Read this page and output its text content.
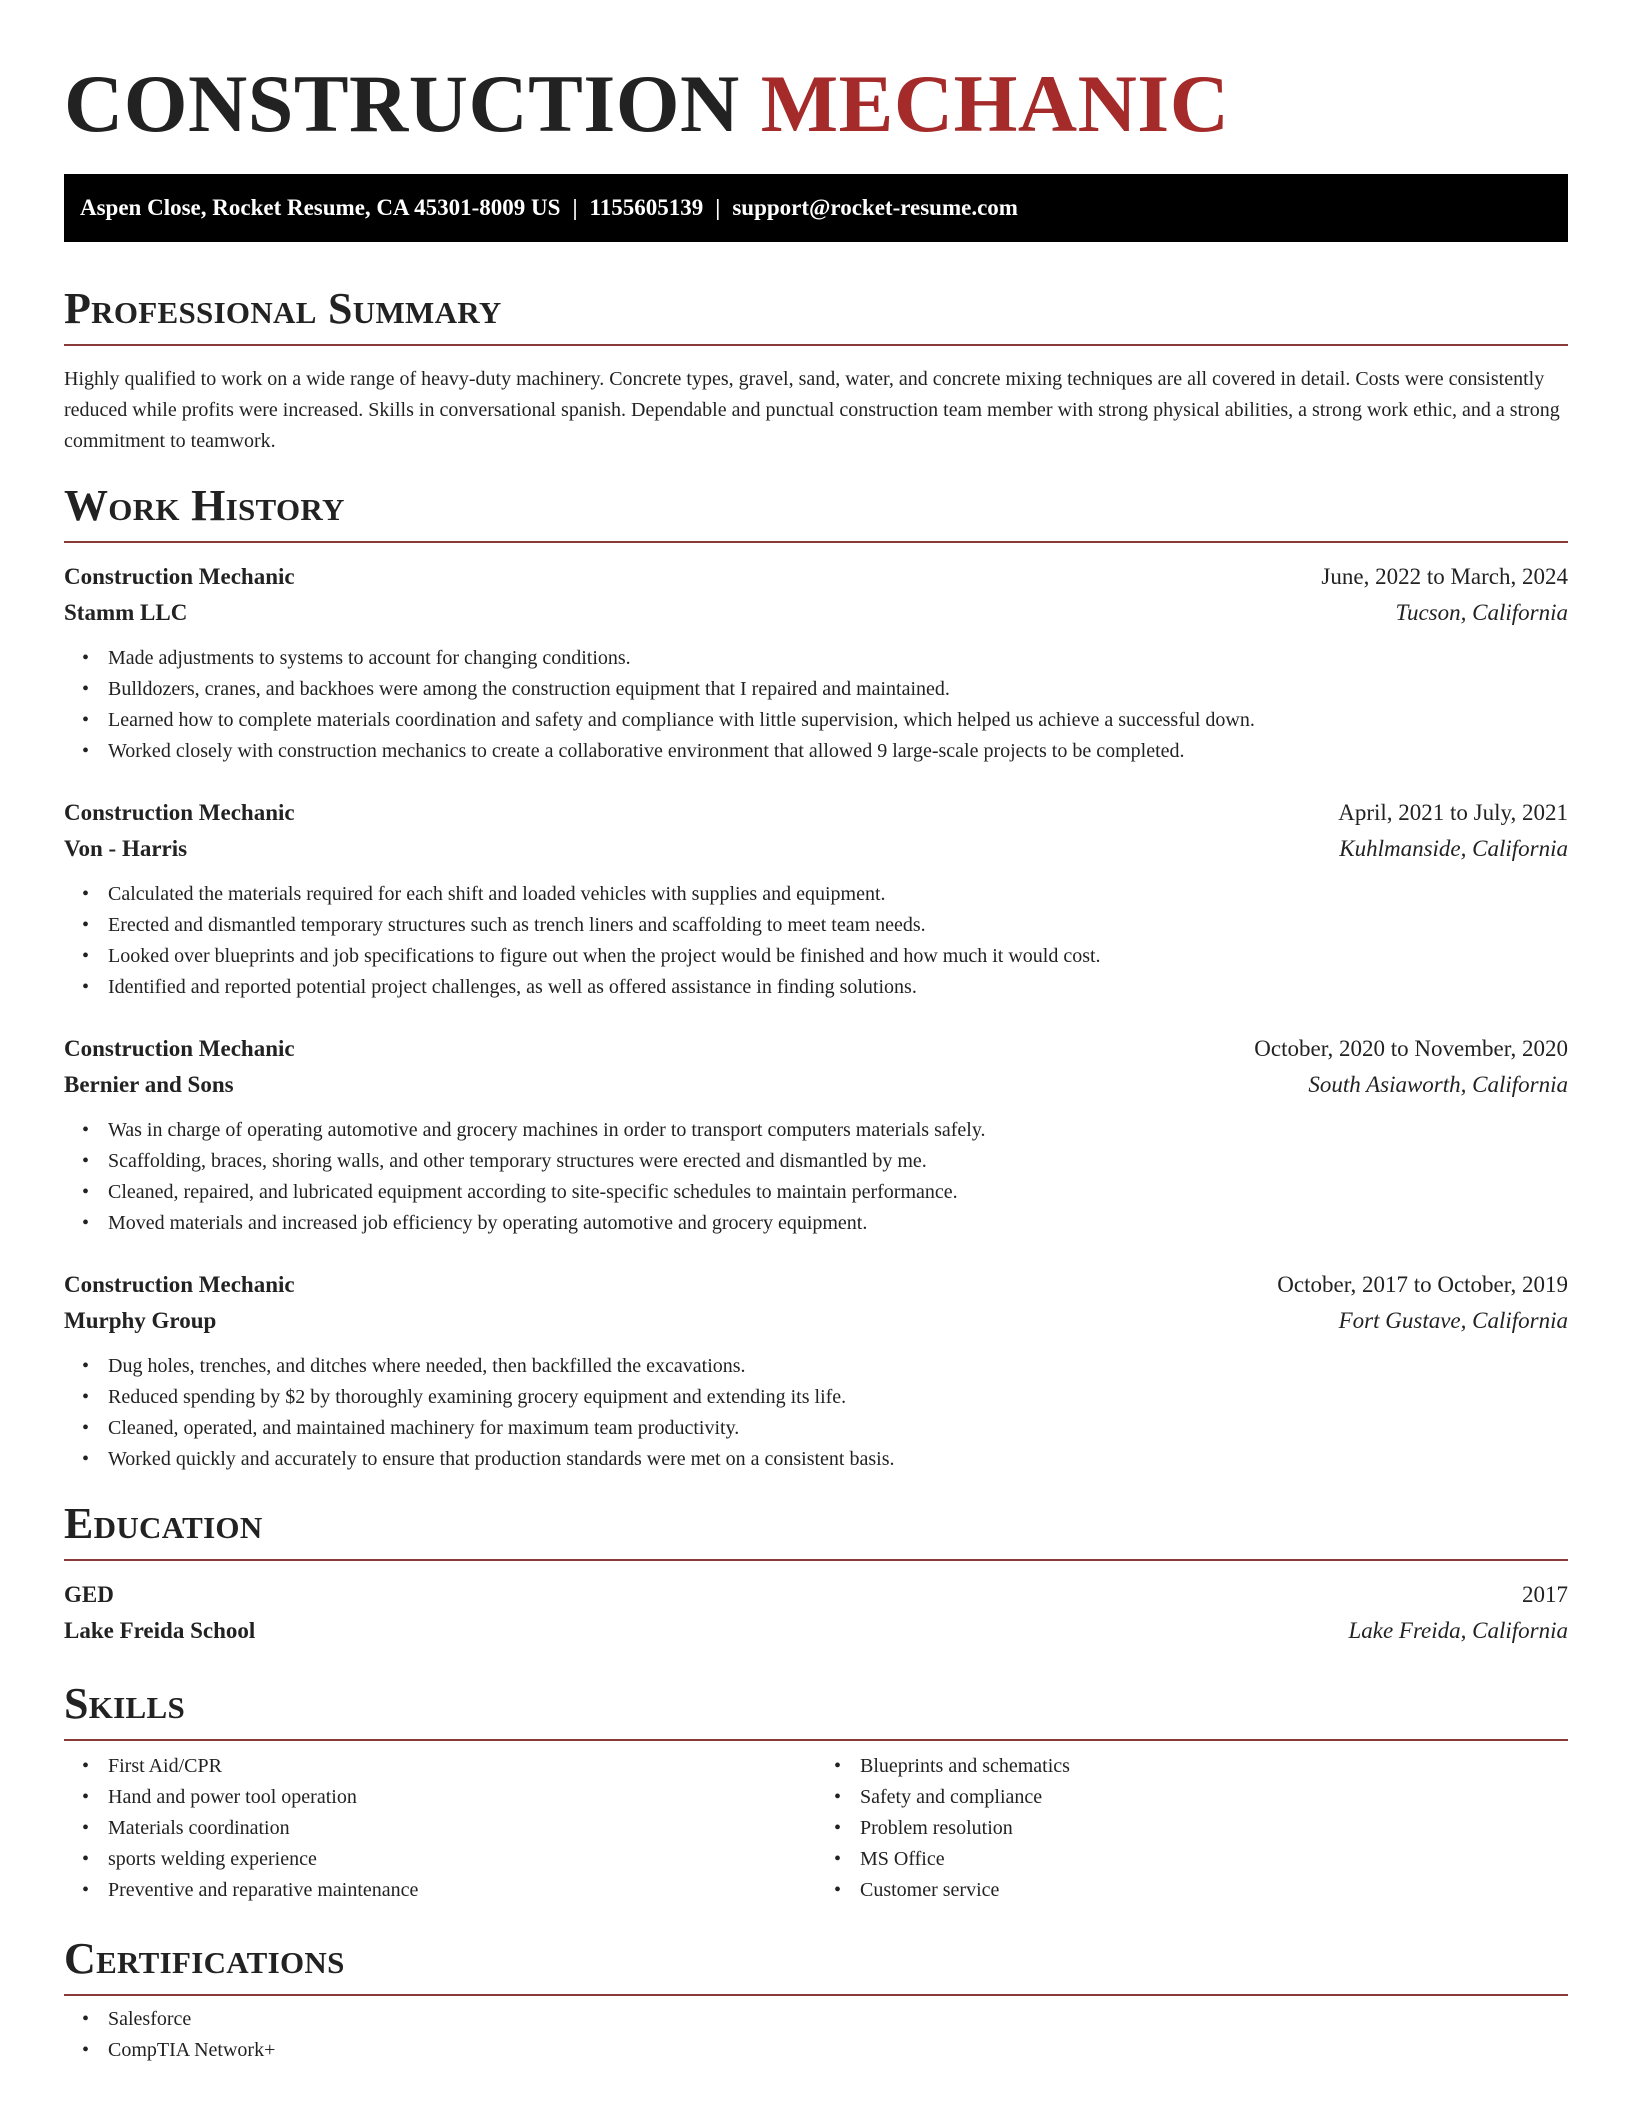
CONSTRUCTION MECHANIC
Aspen Close, Rocket Resume, CA 45301-8009 US | 1155605139 | support@rocket-resume.com
Professional Summary

Highly qualified to work on a wide range of heavy-duty machinery. Concrete types, gravel, sand, water, and concrete mixing techniques are all covered in detail. Costs were consistently reduced while profits were increased. Skills in conversational spanish. Dependable and punctual construction team member with strong physical abilities, a strong work ethic, and a strong commitment to teamwork.

Work History
Construction Mechanic	June, 2022 to March, 2024
Stamm LLC	Tucson, California
• Made adjustments to systems to account for changing conditions.
• Bulldozers, cranes, and backhoes were among the construction equipment that I repaired and maintained.
• Learned how to complete materials coordination and safety and compliance with little supervision, which helped us achieve a successful down.
• Worked closely with construction mechanics to create a collaborative environment that allowed 9 large-scale projects to be completed.
Construction Mechanic	April, 2021 to July, 2021
Von - Harris	Kuhlmanside, California
• Calculated the materials required for each shift and loaded vehicles with supplies and equipment.
• Erected and dismantled temporary structures such as trench liners and scaffolding to meet team needs.
• Looked over blueprints and job specifications to figure out when the project would be finished and how much it would cost.
• Identified and reported potential project challenges, as well as offered assistance in finding solutions.
Construction Mechanic	October, 2020 to November, 2020
Bernier and Sons	South Asiaworth, California
• Was in charge of operating automotive and grocery machines in order to transport computers materials safely.
• Scaffolding, braces, shoring walls, and other temporary structures were erected and dismantled by me.
• Cleaned, repaired, and lubricated equipment according to site-specific schedules to maintain performance.
• Moved materials and increased job efficiency by operating automotive and grocery equipment.
Construction Mechanic	October, 2017 to October, 2019
Murphy Group	Fort Gustave, California
• Dug holes, trenches, and ditches where needed, then backfilled the excavations.
• Reduced spending by $2 by thoroughly examining grocery equipment and extending its life.
• Cleaned, operated, and maintained machinery for maximum team productivity.
• Worked quickly and accurately to ensure that production standards were met on a consistent basis.
Education
GED	2017
Lake Freida School	Lake Freida, California
Skills
• First Aid/CPR
• Hand and power tool operation
• Materials coordination
• sports welding experience
• Preventive and reparative maintenance
• Blueprints and schematics
• Safety and compliance
• Problem resolution
• MS Office
• Customer service
Certifications
• Salesforce
• CompTIA Network+
